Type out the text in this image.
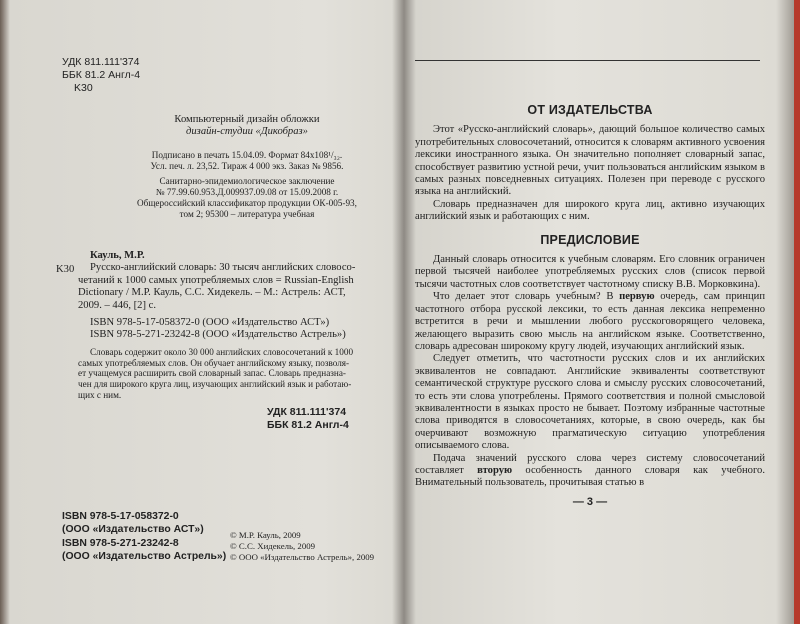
УДК 811.111'374
ББК 81.2 Англ-4
K30
Компьютерный дизайн обложки
дизайн-студии «Дикобраз»
Подписано в печать 15.04.09. Формат 84x108¹/₃₂.
Усл. печ. л. 23,52. Тираж 4 000 экз. Заказ № 9856.
Санитарно-эпидемиологическое заключение
№ 77.99.60.953.Д.009937.09.08 от 15.09.2008 г.
Общероссийский классификатор продукции ОК-005-93,
том 2; 95300 – литература учебная
Кауль, М.Р.
K30 Русско-английский словарь: 30 тысяч английских словосо-
четаний к 1000 самых употребляемых слов = Russian-English
Dictionary / М.Р. Кауль, С.С. Хидекель. – М.: Астрель: АСТ,
2009. – 446, [2] с.
ISBN 978-5-17-058372-0 (ООО «Издательство АСТ»)
ISBN 978-5-271-23242-8 (ООО «Издательство Астрель»)
Словарь содержит около 30 000 английских словосочетаний к 1000
самых употребляемых слов. Он обучает английскому языку, позволя-
ет учащемуся расширить свой словарный запас. Словарь предназна-
чен для широкого круга лиц, изучающих английский язык и работаю-
щих с ним.
УДК 811.111'374
ББК 81.2 Англ-4
ISBN 978-5-17-058372-0
(ООО «Издательство АСТ»)
ISBN 978-5-271-23242-8
(ООО «Издательство Астрель»)
© М.Р. Кауль, 2009
© С.С. Хидекель, 2009
© ООО «Издательство Астрель», 2009
ОТ ИЗДАТЕЛЬСТВА

Этот «Русско-английский словарь», дающий большое количество самых употребительных словосочетаний, относится к словарям активного усвоения лексики иностранного языка. Он значительно пополняет словарный запас, способствует развитию устной речи, учит пользоваться английским языком в самых разных повседневных ситуациях. Полезен при переводе с русского языка на английский.

Словарь предназначен для широкого круга лиц, активно изучающих английский язык и работающих с ним.

ПРЕДИСЛОВИЕ

Данный словарь относится к учебным словарям. Его словник ограничен первой тысячей наиболее употребляемых русских слов (список первой тысячи частотных слов соответствует частотному списку В.В. Морковкина).

Что делает этот словарь учебным? В первую очередь, сам принцип частотного отбора русской лексики, то есть данная лексика непременно встретится в речи и мышлении любого русскоговорящего человека, желающего выразить свою мысль на английском языке. Соответственно, словарь адресован широкому кругу людей, изучающих английский язык.

Следует отметить, что частотности русских слов и их английских эквивалентов не совпадают. Английские эквиваленты соответствуют семантической структуре русского слова и смыслу русских словосочетаний, то есть эти слова употреблены. Прямого соответствия и полной смысловой эквивалентности в языках просто не бывает. Поэтому избранные частотные слова приводятся в словосочетаниях, которые, в свою очередь, как бы очерчивают возможную прагматическую ситуацию употребления описываемого слова.

Подача значений русского слова через систему словосочетаний составляет вторую особенность данного словаря как учебного. Внимательный пользователь, прочитывая статью в

— 3 —
